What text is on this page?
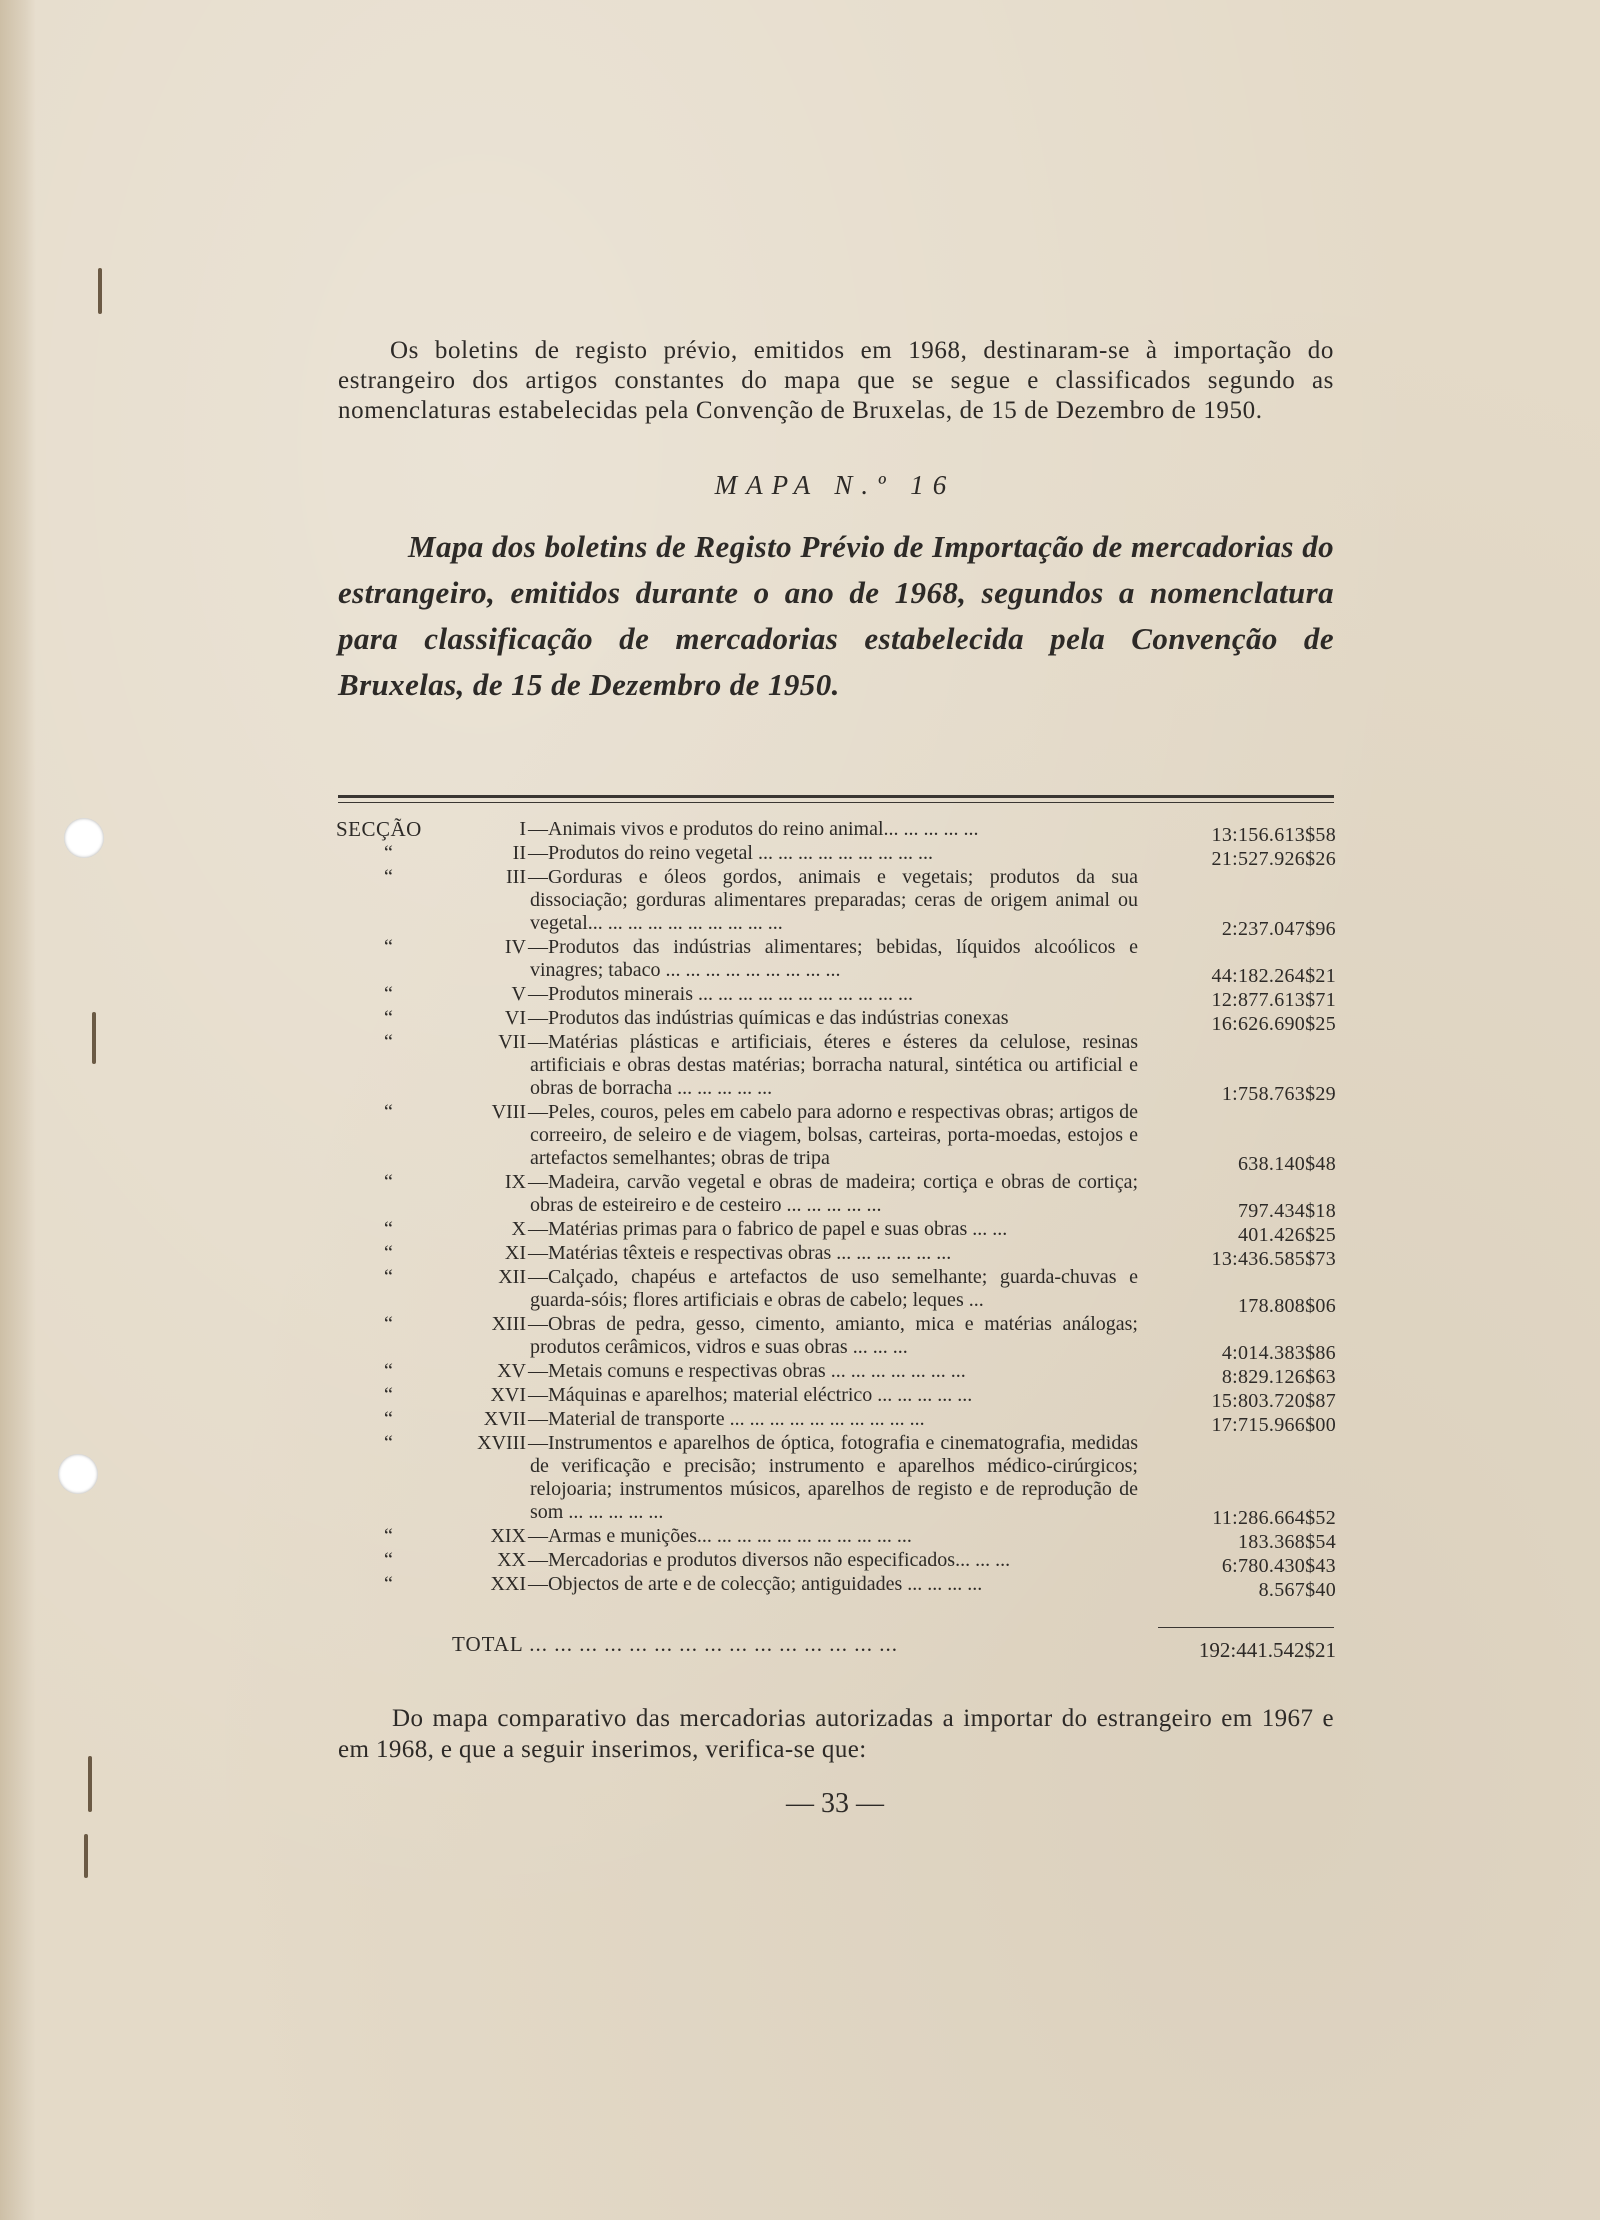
Os boletins de registo prévio, emitidos em 1968, destinaram-se à importação do estrangeiro dos artigos constantes do mapa que se segue e classificados segundo as nomenclaturas estabelecidas pela Convenção de Bruxelas, de 15 de Dezembro de 1950.

MAPA N.º 16

Mapa dos boletins de Registo Prévio de Importação de mercadorias do estrangeiro, emitidos durante o ano de 1968, segundos a nomenclatura para classificação de mercadorias estabelecida pela Convenção de Bruxelas, de 15 de Dezembro de 1950.

SECÇÃO	I —Animais vivos e produtos do reino animal... ... ... ... ...	13:156.613$58
“	II —Produtos do reino vegetal ... ... ... ... ... ... ... ... ...	21:527.926$26
“	III —Gorduras e óleos gordos, animais e vegetais; produtos da sua dissociação; gorduras alimentares preparadas; ceras de origem animal ou vegetal... ... ... ... ... ... ... ... ... ...	2:237.047$96
“	IV —Produtos das indústrias alimentares; bebidas, líquidos alcoólicos e vinagres; tabaco ... ... ... ... ... ... ... ... ...	44:182.264$21
“	V —Produtos minerais ... ... ... ... ... ... ... ... ... ... ...	12:877.613$71
“	VI —Produtos das indústrias químicas e das indústrias conexas	16:626.690$25
“	VII —Matérias plásticas e artificiais, éteres e ésteres da celulose, resinas artificiais e obras destas matérias; borracha natural, sintética ou artificial e obras de borracha ... ... ... ... ...	1:758.763$29
“	VIII —Peles, couros, peles em cabelo para adorno e respectivas obras; artigos de correeiro, de seleiro e de viagem, bolsas, carteiras, porta-moedas, estojos e artefactos semelhantes; obras de tripa	638.140$48
“	IX —Madeira, carvão vegetal e obras de madeira; cortiça e obras de cortiça; obras de esteireiro e de cesteiro ... ... ... ... ...	797.434$18
“	X —Matérias primas para o fabrico de papel e suas obras ... ...	401.426$25
“	XI —Matérias têxteis e respectivas obras ... ... ... ... ... ...	13:436.585$73
“	XII —Calçado, chapéus e artefactos de uso semelhante; guarda-chuvas e guarda-sóis; flores artificiais e obras de cabelo; leques ...	178.808$06
“	XIII —Obras de pedra, gesso, cimento, amianto, mica e matérias análogas; produtos cerâmicos, vidros e suas obras ... ... ...	4:014.383$86
“	XV —Metais comuns e respectivas obras ... ... ... ... ... ... ...	8:829.126$63
“	XVI —Máquinas e aparelhos; material eléctrico ... ... ... ... ...	15:803.720$87
“	XVII —Material de transporte ... ... ... ... ... ... ... ... ... ...	17:715.966$00
“	XVIII —Instrumentos e aparelhos de óptica, fotografia e cinematografia, medidas de verificação e precisão; instrumento e aparelhos médico-cirúrgicos; relojoaria; instrumentos músicos, aparelhos de registo e de reprodução de som ... ... ... ... ...	11:286.664$52
“	XIX —Armas e munições... ... ... ... ... ... ... ... ... ... ...	183.368$54
“	XX —Mercadorias e produtos diversos não especificados... ... ...	6:780.430$43
“	XXI —Objectos de arte e de colecção; antiguidades ... ... ... ...	8.567$40
TOTAL ... ... ... ... ... ... ... ... ... ... ... ... ... ... ...	192:441.542$21

Do mapa comparativo das mercadorias autorizadas a importar do estrangeiro em 1967 e em 1968, e que a seguir inserimos, verifica-se que:

— 33 —
